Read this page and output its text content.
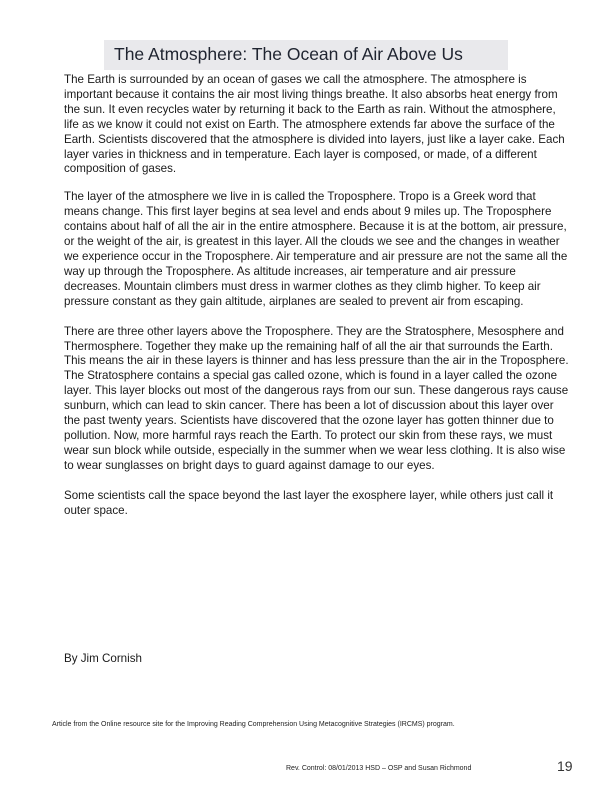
The Atmosphere: The Ocean of Air Above Us

The Earth is surrounded by an ocean of gases we call the atmosphere. The atmosphere is important because it contains the air most living things breathe. It also absorbs heat energy from the sun. It even recycles water by returning it back to the Earth as rain. Without the atmosphere, life as we know it could not exist on Earth. The atmosphere extends far above the surface of the Earth. Scientists discovered that the atmosphere is divided into layers, just like a layer cake. Each layer varies in thickness and in temperature. Each layer is composed, or made, of a different composition of gases.

The layer of the atmosphere we live in is called the Troposphere. Tropo is a Greek word that means change. This first layer begins at sea level and ends about 9 miles up. The Troposphere contains about half of all the air in the entire atmosphere. Because it is at the bottom, air pressure, or the weight of the air, is greatest in this layer. All the clouds we see and the changes in weather we experience occur in the Troposphere. Air temperature and air pressure are not the same all the way up through the Troposphere. As altitude increases, air temperature and air pressure decreases. Mountain climbers must dress in warmer clothes as they climb higher. To keep air pressure constant as they gain altitude, airplanes are sealed to prevent air from escaping.

There are three other layers above the Troposphere. They are the Stratosphere, Mesosphere and Thermosphere. Together they make up the remaining half of all the air that surrounds the Earth. This means the air in these layers is thinner and has less pressure than the air in the Troposphere. The Stratosphere contains a special gas called ozone, which is found in a layer called the ozone layer. This layer blocks out most of the dangerous rays from our sun. These dangerous rays cause sunburn, which can lead to skin cancer. There has been a lot of discussion about this layer over the past twenty years. Scientists have discovered that the ozone layer has gotten thinner due to pollution. Now, more harmful rays reach the Earth. To protect our skin from these rays, we must wear sun block while outside, especially in the summer when we wear less clothing. It is also wise to wear sunglasses on bright days to guard against damage to our eyes.

Some scientists call the space beyond the last layer the exosphere layer, while others just call it outer space.

By Jim Cornish
Article from the Online resource site for the Improving Reading Comprehension Using Metacognitive Strategies (IRCMS) program.
Rev. Control: 08/01/2013 HSD – OSP and Susan Richmond	19
